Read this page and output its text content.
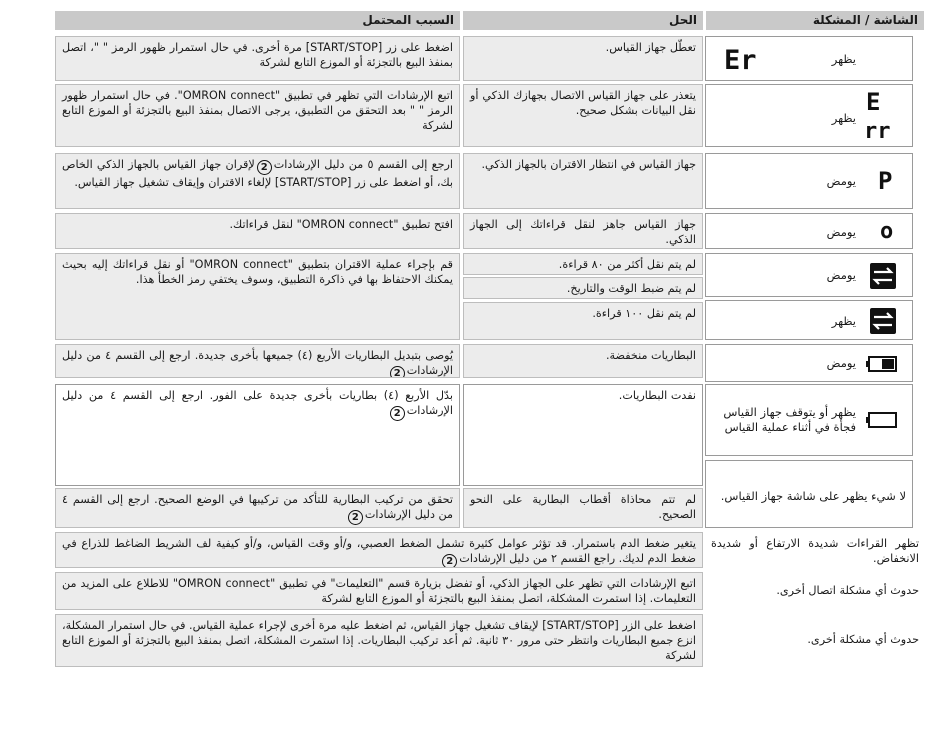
الشاشة / المشكلة
الحل
السبب المحتمل
Er	يظهر
تعطّل جهاز القياس.
اضغط على زر [START/STOP] مرة أخرى. في حال استمرار ظهور الرمز " "، اتصل بمنفذ البيع بالتجزئة أو الموزع التابع لشركة
E
rr
يظهر
يتعذر على جهاز القياس الاتصال بجهازك الذكي أو نقل البيانات بشكل صحيح.
اتبع الإرشادات التي تظهر في تطبيق "OMRON connect". في حال استمرار ظهور الرمز " " بعد التحقق من التطبيق، يرجى الاتصال بمنفذ البيع بالتجزئة أو الموزع التابع لشركة
P
يومض
جهاز القياس في انتظار الاقتران بالجهاز الذكي.
ارجع إلى القسم ٥ من دليل الإرشادات2لإقران جهاز القياس بالجهاز الذكي الخاص بك، أو اضغط على زر [START/STOP] لإلغاء الاقتران وإيقاف تشغيل جهاز القياس.
o
يومض
جهاز القياس جاهز لنقل قراءاتك إلى الجهاز الذكي.
افتح تطبيق "OMRON connect" لنقل قراءاتك.
يومض
يظهر
لم يتم نقل أكثر من ٨٠ قراءة.
لم يتم ضبط الوقت والتاريخ.
لم يتم نقل ١٠٠ قراءة.
قم بإجراء عملية الاقتران بتطبيق "OMRON connect" أو نقل قراءاتك إليه بحيث يمكنك الاحتفاظ بها في ذاكرة التطبيق، وسوف يختفي رمز الخطأ هذا.
يومض
البطاريات منخفضة.
يُوصى بتبديل البطاريات الأربع (٤) جميعها بأخرى جديدة. ارجع إلى القسم ٤ من دليل الإرشادات2
يظهر أو يتوقف جهاز القياس فجأة في أثناء عملية القياس
نفدت البطاريات.
بدّل الأربع (٤) بطاريات بأخرى جديدة على الفور. ارجع إلى القسم ٤ من دليل الإرشادات2
لا شيء يظهر على شاشة جهاز القياس.
لم تتم محاذاة أقطاب البطارية على النحو الصحيح.
تحقق من تركيب البطارية للتأكد من تركيبها في الوضع الصحيح. ارجع إلى القسم ٤ من دليل الإرشادات2
تظهر القراءات شديدة الارتفاع أو شديدة الانخفاض.
يتغير ضغط الدم باستمرار. قد تؤثر عوامل كثيرة تشمل الضغط العصبي، و/أو وقت القياس، و/أو كيفية لف الشريط الضاغط للذراع في ضغط الدم لديك. راجع القسم ٢ من دليل الإرشادات2
حدوث أي مشكلة اتصال أخرى.
اتبع الإرشادات التي تظهر على الجهاز الذكي، أو تفضل بزيارة قسم "التعليمات" في تطبيق "OMRON connect" للاطلاع على المزيد من التعليمات. إذا استمرت المشكلة، اتصل بمنفذ البيع بالتجزئة أو الموزع التابع لشركة
حدوث أي مشكلة أخرى.
اضغط على الزر [START/STOP] لإيقاف تشغيل جهاز القياس، ثم اضغط عليه مرة أخرى لإجراء عملية القياس. في حال استمرار المشكلة، انزع جميع البطاريات وانتظر حتى مرور ٣٠ ثانية. ثم أعد تركيب البطاريات. إذا استمرت المشكلة، اتصل بمنفذ البيع بالتجزئة أو الموزع التابع لشركة
